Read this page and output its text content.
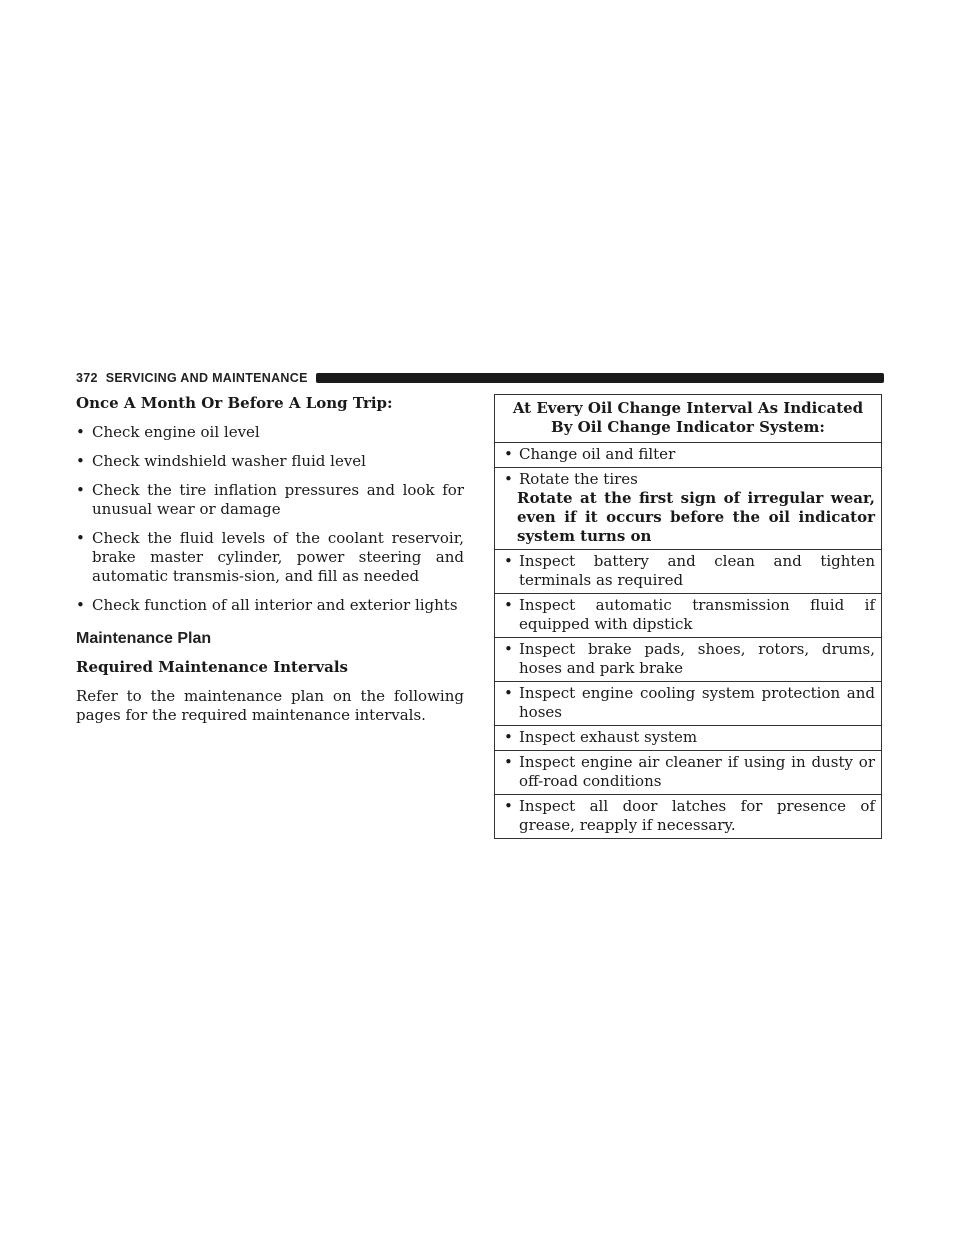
372 SERVICING AND MAINTENANCE

Once A Month Or Before A Long Trip:

• Check engine oil level
• Check windshield washer fluid level
• Check the tire inflation pressures and look for unusual wear or damage
• Check the fluid levels of the coolant reservoir, brake master cylinder, power steering and automatic transmis-sion, and fill as needed
• Check function of all interior and exterior lights
Maintenance Plan

Required Maintenance Intervals

Refer to the maintenance plan on the following pages for the required maintenance intervals.

At Every Oil Change Interval As Indicated By Oil Change Indicator System:
• Change oil and filter
• Rotate the tires
Rotate at the first sign of irregular wear, even if it occurs before the oil indicator system turns on
• Inspect battery and clean and tighten terminals as required
• Inspect automatic transmission fluid if equipped with dipstick
• Inspect brake pads, shoes, rotors, drums, hoses and park brake
• Inspect engine cooling system protection and hoses
• Inspect exhaust system
• Inspect engine air cleaner if using in dusty or off-road conditions
• Inspect all door latches for presence of grease, reapply if necessary.
